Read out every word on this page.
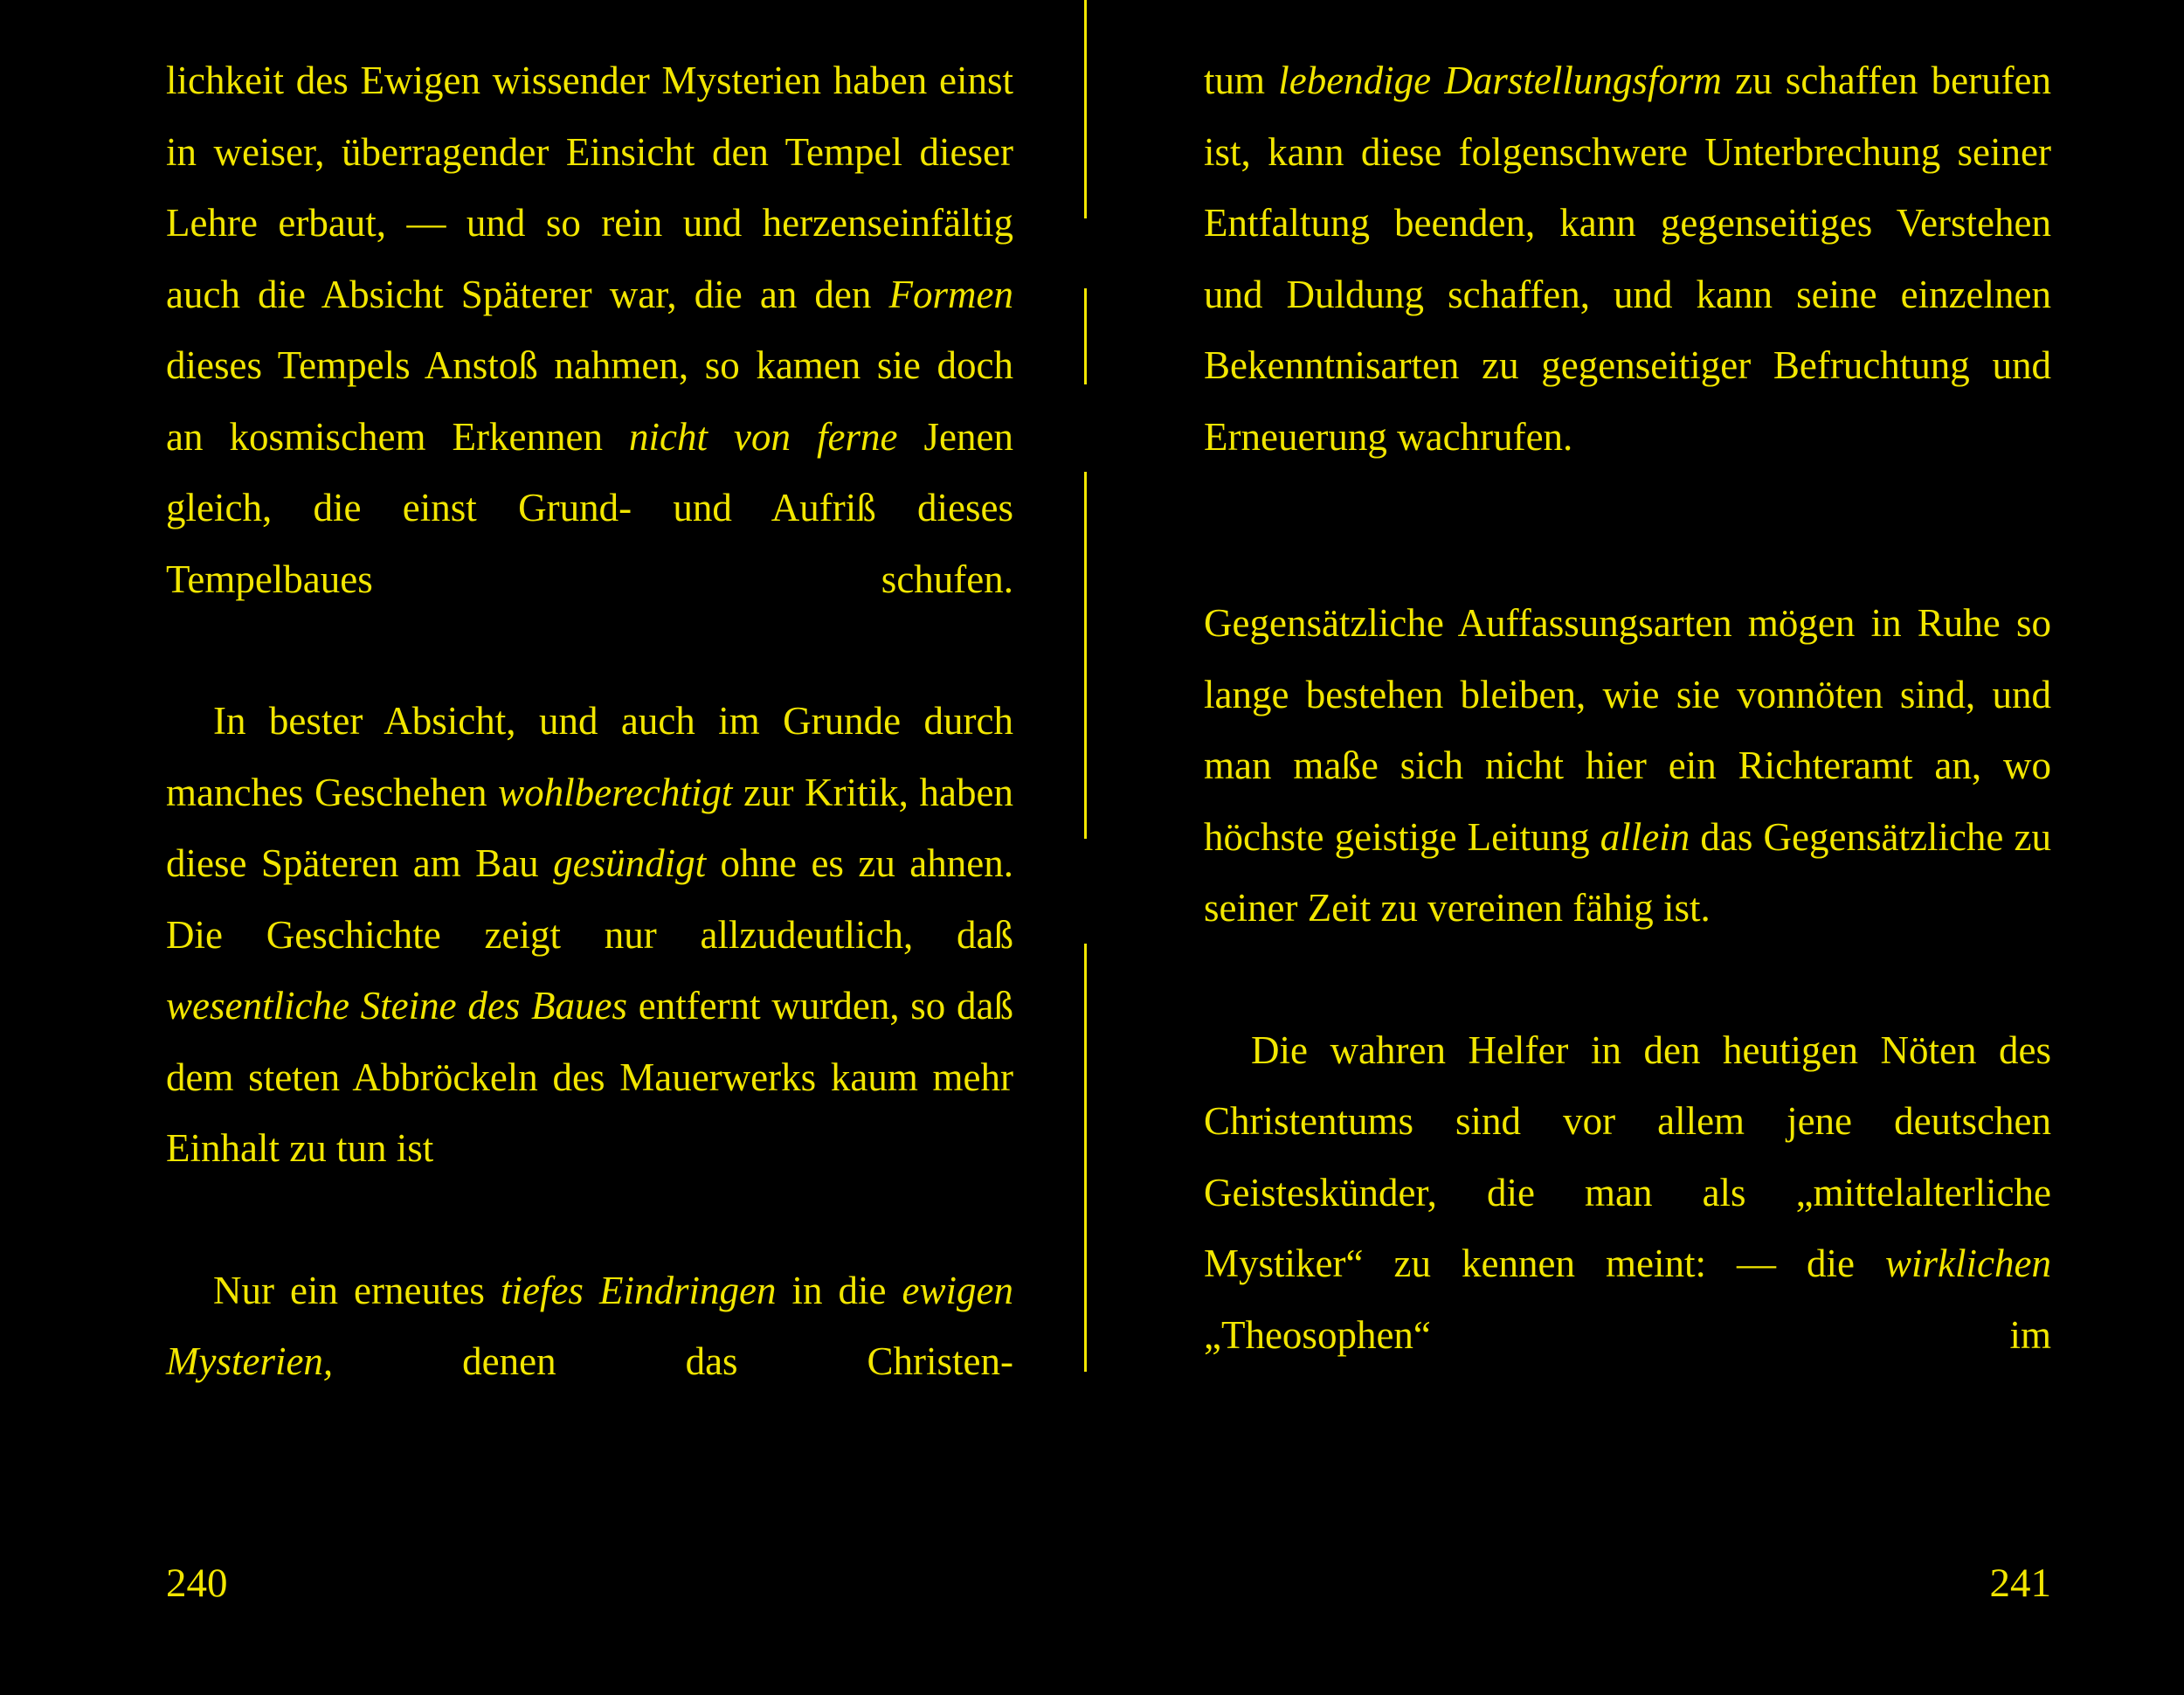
lichkeit des Ewigen wissender Mysterien haben einst in weiser, überragender Einsicht den Tempel dieser Lehre erbaut, — und so rein und herzenseinfältig auch die Absicht Späterer war, die an den Formen dieses Tempels Anstoß nahmen, so kamen sie doch an kosmischem Erkennen nicht von ferne Jenen gleich, die einst Grund- und Aufriß dieses Tempelbaues schufen.

In bester Absicht, und auch im Grunde durch manches Geschehen wohlberechtigt zur Kritik, haben diese Späteren am Bau gesündigt ohne es zu ahnen. Die Geschichte zeigt nur allzudeutlich, daß wesentliche Steine des Baues entfernt wurden, so daß dem steten Abbröckeln des Mauerwerks kaum mehr Einhalt zu tun ist

Nur ein erneutes tiefes Eindringen in die ewigen Mysterien,	denen das Christen-

240

tum lebendige Darstellungsform zu schaffen berufen ist, kann diese folgenschwere Unterbrechung seiner Entfaltung beenden, kann gegenseitiges Verstehen und Duldung schaffen, und kann seine einzelnen Bekenntnisarten zu gegenseitiger Befruchtung und Erneuerung wachrufen.

Gegensätzliche Auffassungsarten mögen in Ruhe so lange bestehen bleiben, wie sie vonnöten sind, und man maße sich nicht hier ein Richteramt an, wo höchste geistige Leitung allein das Gegensätzliche zu seiner Zeit zu vereinen fähig ist.

Die wahren Helfer in den heutigen Nöten des Christentums sind vor allem jene deutschen Geisteskünder, die man als „mittelalterliche Mystiker“ zu kennen meint: — die wirklichen „Theosophen“ im

241
